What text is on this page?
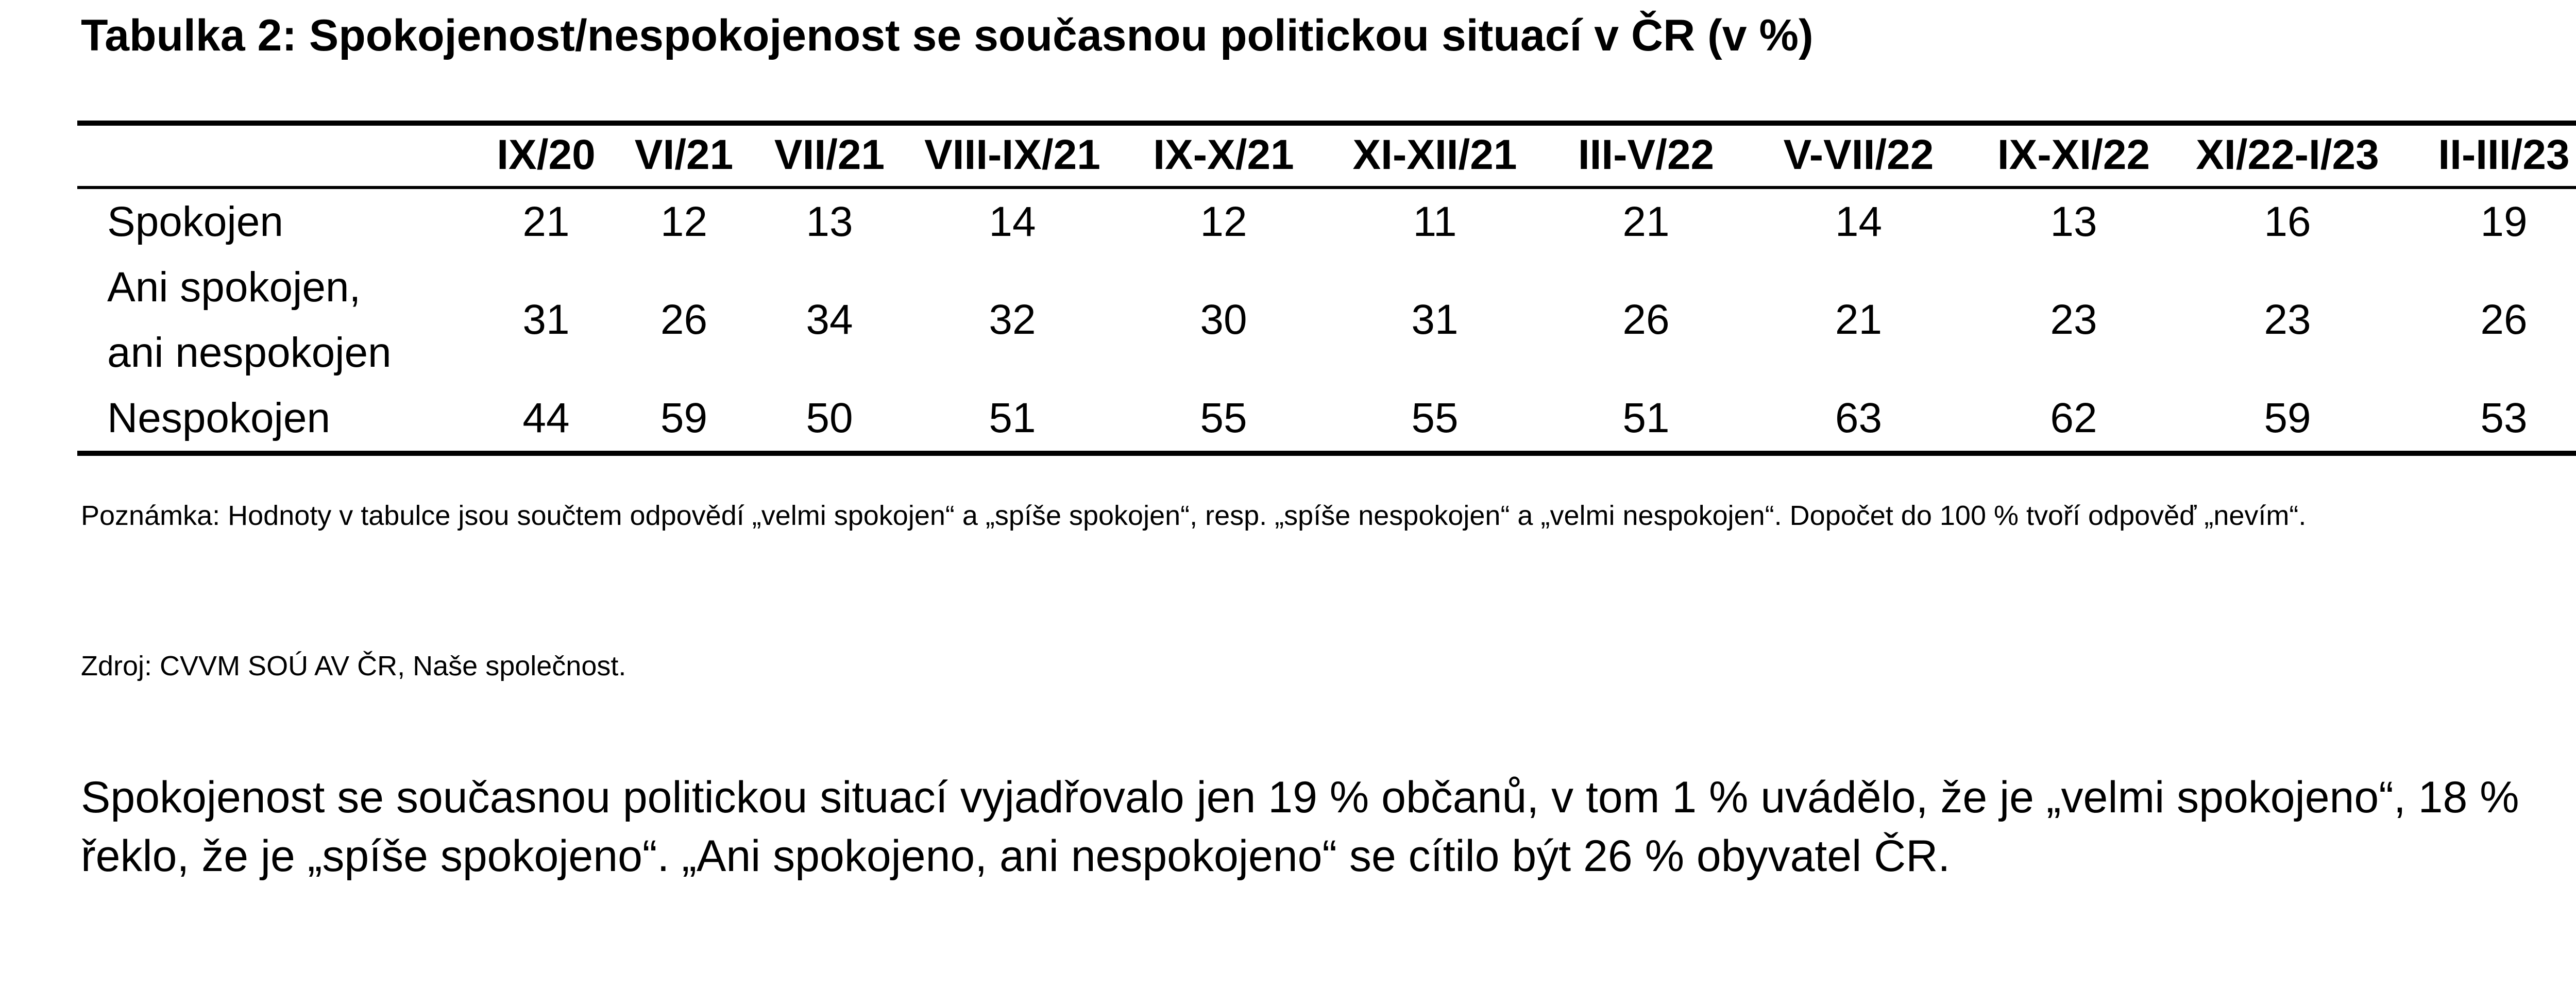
Tabulka 2: Spokojenost/nespokojenost se současnou politickou situací v ČR (v %)
	IX/20	VI/21	VII/21	VIII-IX/21	IX-X/21	XI-XII/21	III-V/22	V-VII/22	IX-XI/22	XI/22-I/23	II-III/23
Spokojen	21	12	13	14	12	11	21	14	13	16	19
Ani spokojen,
ani nespokojen	31	26	34	32	30	31	26	21	23	23	26
Nespokojen	44	59	50	51	55	55	51	63	62	59	53
Poznámka: Hodnoty v tabulce jsou součtem odpovědí „velmi spokojen“ a „spíše spokojen“, resp. „spíše nespokojen“ a „velmi nespokojen“. Dopočet do 100 % tvoří odpověď „nevím“.
Zdroj: CVVM SOÚ AV ČR, Naše společnost.
Spokojenost se současnou politickou situací vyjadřovalo jen 19 % občanů, v tom 1 % uvádělo, že je „velmi spokojeno“, 18 % řeklo, že je „spíše spokojeno“. „Ani spokojeno, ani nespokojeno“ se cítilo být 26 % obyvatel ČR.
